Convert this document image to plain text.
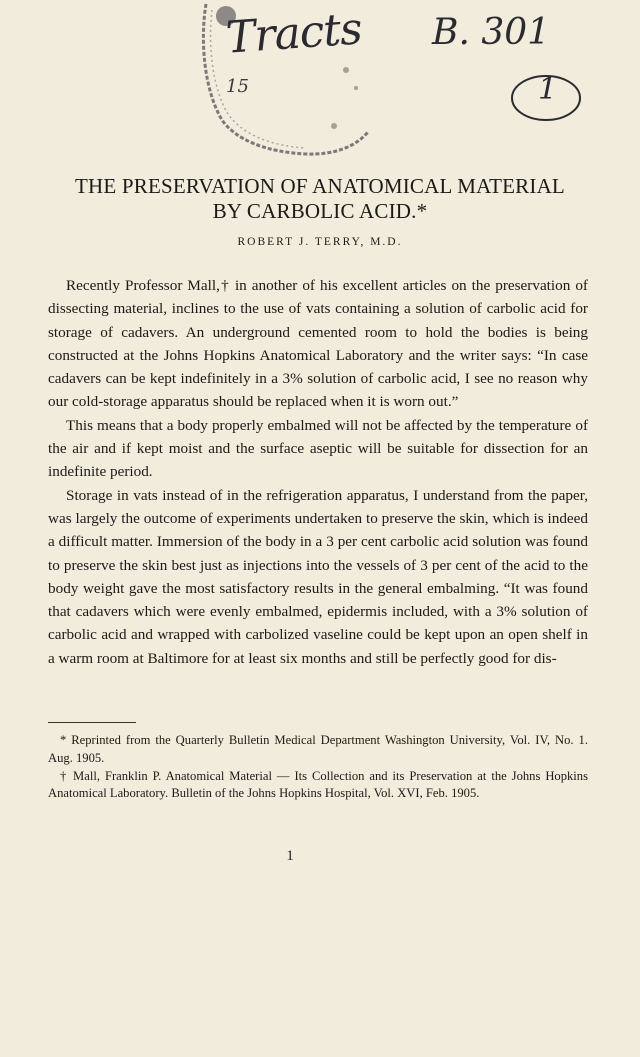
Tracts B. 301
15	1
THE PRESERVATION OF ANATOMICAL MATERIAL
BY CARBOLIC ACID.*
ROBERT J. TERRY, M.D.

Recently Professor Mall,† in another of his excellent articles on the preservation of dissecting material, inclines to the use of vats containing a solution of carbolic acid for storage of cadavers. An underground cemented room to hold the bodies is being constructed at the Johns Hopkins Anatomical Laboratory and the writer says: “In case cadavers can be kept indefinitely in a 3% solution of carbolic acid, I see no reason why our cold-storage apparatus should be replaced when it is worn out.”

This means that a body properly embalmed will not be affected by the temperature of the air and if kept moist and the surface aseptic will be suitable for dissection for an indefinite period.

Storage in vats instead of in the refrigeration apparatus, I understand from the paper, was largely the outcome of experiments undertaken to preserve the skin, which is indeed a difficult matter. Immersion of the body in a 3 per cent carbolic acid solution was found to preserve the skin best just as injections into the vessels of 3 per cent of the acid to the body weight gave the most satisfactory results in the general embalming. “It was found that cadavers which were evenly embalmed, epidermis included, with a 3% solution of carbolic acid and wrapped with carbolized vaseline could be kept upon an open shelf in a warm room at Baltimore for at least six months and still be perfectly good for dis-

* Reprinted from the Quarterly Bulletin Medical Department Washington University, Vol. IV, No. 1. Aug. 1905.

† Mall, Franklin P. Anatomical Material — Its Collection and its Preservation at the Johns Hopkins Anatomical Laboratory. Bulletin of the Johns Hopkins Hospital, Vol. XVI, Feb. 1905.

1
